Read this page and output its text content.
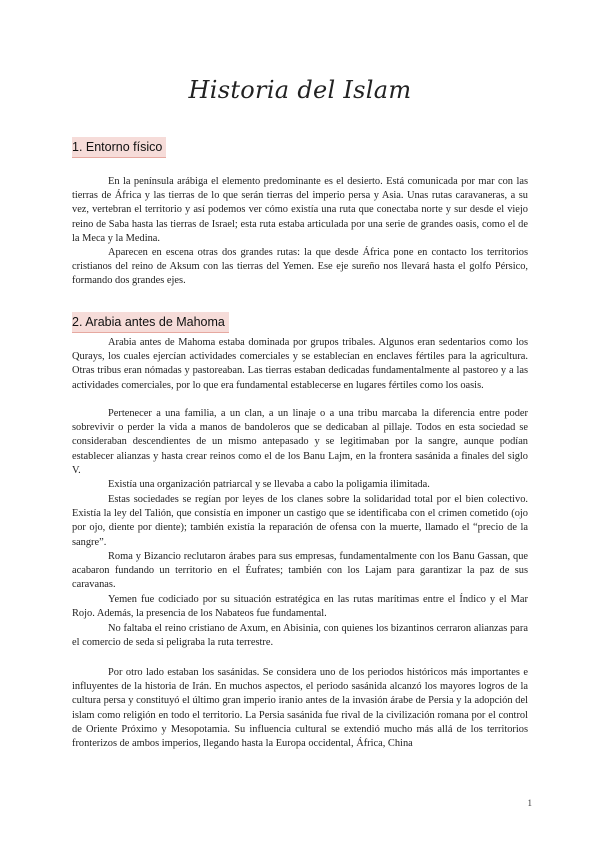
Historia del Islam
1. Entorno físico

En la península arábiga el elemento predominante es el desierto. Está comunicada por mar con las tierras de África y las tierras de lo que serán tierras del imperio persa y Asia. Unas rutas caravaneras, a su vez, vertebran el territorio y así podemos ver cómo existía una ruta que conectaba norte y sur desde el viejo reino de Saba hasta las tierras de Israel; esta ruta estaba articulada por una serie de grandes oasis, como el de la Meca y la Medina.

Aparecen en escena otras dos grandes rutas: la que desde África pone en contacto los territorios cristianos del reino de Aksum con las tierras del Yemen. Ese eje sureño nos llevará hasta el golfo Pérsico, formando dos grandes ejes.

2. Arabia antes de Mahoma

Arabia antes de Mahoma estaba dominada por grupos tribales. Algunos eran sedentarios como los Qurays, los cuales ejercían actividades comerciales y se establecían en enclaves fértiles para la agricultura. Otras tribus eran nómadas y pastoreaban. Las tierras estaban dedicadas fundamentalmente al pastoreo y a las actividades comerciales, por lo que era fundamental establecerse en lugares fértiles como los oasis.

Pertenecer a una familia, a un clan, a un linaje o a una tribu marcaba la diferencia entre poder sobrevivir o perder la vida a manos de bandoleros que se dedicaban al pillaje. Todos en esta sociedad se consideraban descendientes de un mismo antepasado y se legitimaban por la sangre, aunque podían establecer alianzas y hasta crear reinos como el de los Banu Lajm, en la frontera sasánida a finales del siglo V.

Existía una organización patriarcal y se llevaba a cabo la poligamia ilimitada.

Estas sociedades se regían por leyes de los clanes sobre la solidaridad total por el bien colectivo. Existía la ley del Talión, que consistía en imponer un castigo que se identificaba con el crimen cometido (ojo por ojo, diente por diente); también existía la reparación de ofensa con la muerte, llamado el “precio de la sangre”.

Roma y Bizancio reclutaron árabes para sus empresas, fundamentalmente con los Banu Gassan, que acabaron fundando un territorio en el Éufrates; también con los Lajam para garantizar la paz de sus caravanas.

Yemen fue codiciado por su situación estratégica en las rutas marítimas entre el Índico y el Mar Rojo. Además, la presencia de los Nabateos fue fundamental.

No faltaba el reino cristiano de Axum, en Abisinia, con quienes los bizantinos cerraron alianzas para el comercio de seda si peligraba la ruta terrestre.

Por otro lado estaban los sasánidas. Se considera uno de los periodos históricos más importantes e influyentes de la historia de Irán. En muchos aspectos, el periodo sasánida alcanzó los mayores logros de la cultura persa y constituyó el último gran imperio iranio antes de la invasión árabe de Persia y la adopción del islam como religión en todo el territorio. La Persia sasánida fue rival de la civilización romana por el control de Oriente Próximo y Mesopotamia. Su influencia cultural se extendió mucho más allá de los territorios fronterizos de ambos imperios, llegando hasta la Europa occidental, África, China

1
